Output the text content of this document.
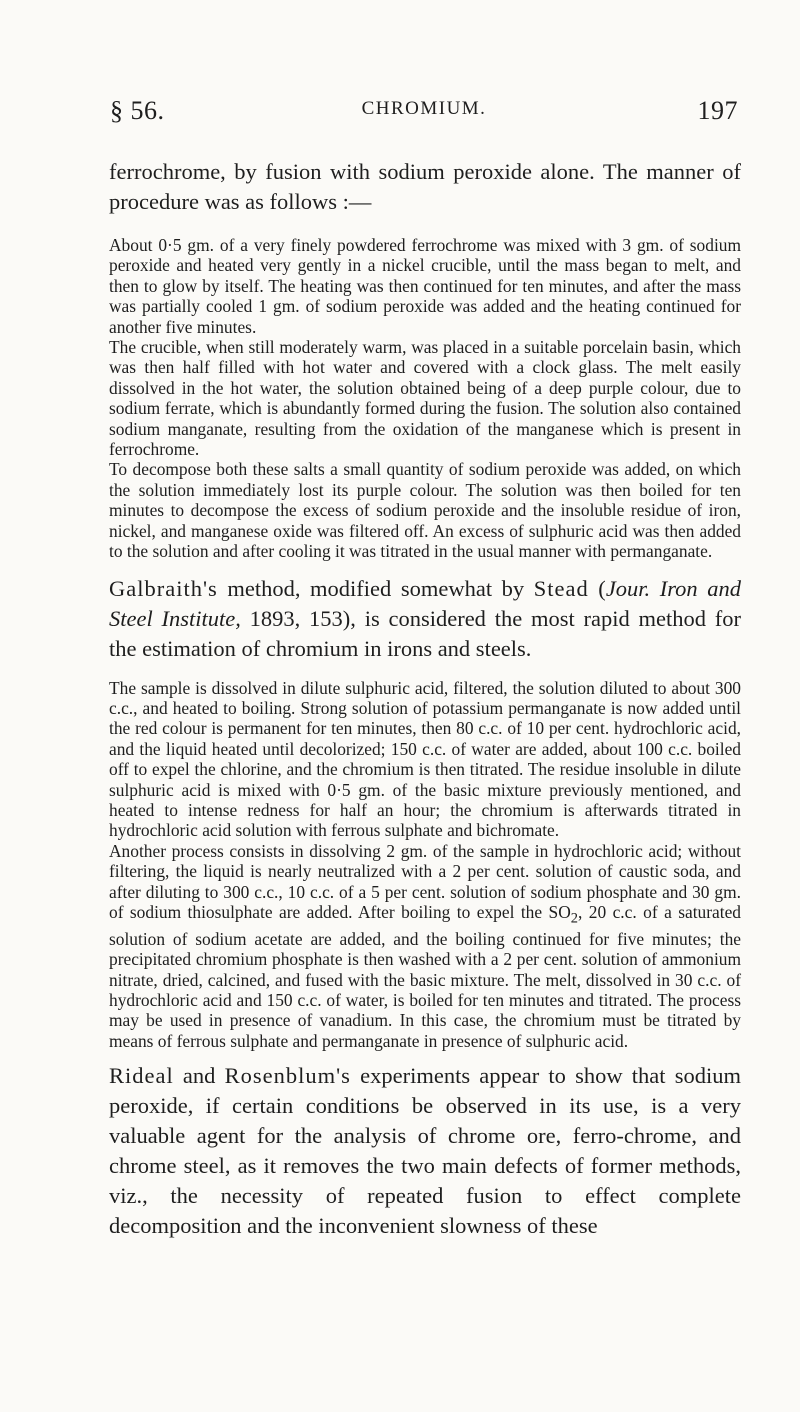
§ 56.	CHROMIUM.	197

ferrochrome, by fusion with sodium peroxide alone. The manner of procedure was as follows :—

About 0·5 gm. of a very finely powdered ferrochrome was mixed with 3 gm. of sodium peroxide and heated very gently in a nickel crucible, until the mass began to melt, and then to glow by itself. The heating was then continued for ten minutes, and after the mass was partially cooled 1 gm. of sodium peroxide was added and the heating continued for another five minutes.

The crucible, when still moderately warm, was placed in a suitable porcelain basin, which was then half filled with hot water and covered with a clock glass. The melt easily dissolved in the hot water, the solution obtained being of a deep purple colour, due to sodium ferrate, which is abundantly formed during the fusion. The solution also contained sodium manganate, resulting from the oxidation of the manganese which is present in ferrochrome.

To decompose both these salts a small quantity of sodium peroxide was added, on which the solution immediately lost its purple colour. The solution was then boiled for ten minutes to decompose the excess of sodium peroxide and the insoluble residue of iron, nickel, and manganese oxide was filtered off. An excess of sulphuric acid was then added to the solution and after cooling it was titrated in the usual manner with permanganate.

Galbraith's method, modified somewhat by Stead (Jour. Iron and Steel Institute, 1893, 153), is considered the most rapid method for the estimation of chromium in irons and steels.

The sample is dissolved in dilute sulphuric acid, filtered, the solution diluted to about 300 c.c., and heated to boiling. Strong solution of potassium permanganate is now added until the red colour is permanent for ten minutes, then 80 c.c. of 10 per cent. hydrochloric acid, and the liquid heated until decolorized; 150 c.c. of water are added, about 100 c.c. boiled off to expel the chlorine, and the chromium is then titrated. The residue insoluble in dilute sulphuric acid is mixed with 0·5 gm. of the basic mixture previously mentioned, and heated to intense redness for half an hour; the chromium is afterwards titrated in hydrochloric acid solution with ferrous sulphate and bichromate.

Another process consists in dissolving 2 gm. of the sample in hydrochloric acid; without filtering, the liquid is nearly neutralized with a 2 per cent. solution of caustic soda, and after diluting to 300 c.c., 10 c.c. of a 5 per cent. solution of sodium phosphate and 30 gm. of sodium thiosulphate are added. After boiling to expel the $SO_2$, 20 c.c. of a saturated solution of sodium acetate are added, and the boiling continued for five minutes; the precipitated chromium phosphate is then washed with a 2 per cent. solution of ammonium nitrate, dried, calcined, and fused with the basic mixture. The melt, dissolved in 30 c.c. of hydrochloric acid and 150 c.c. of water, is boiled for ten minutes and titrated. The process may be used in presence of vanadium. In this case, the chromium must be titrated by means of ferrous sulphate and permanganate in presence of sulphuric acid.

Rideal and Rosenblum's experiments appear to show that sodium peroxide, if certain conditions be observed in its use, is a very valuable agent for the analysis of chrome ore, ferro-chrome, and chrome steel, as it removes the two main defects of former methods, viz., the necessity of repeated fusion to effect complete decomposition and the inconvenient slowness of these
